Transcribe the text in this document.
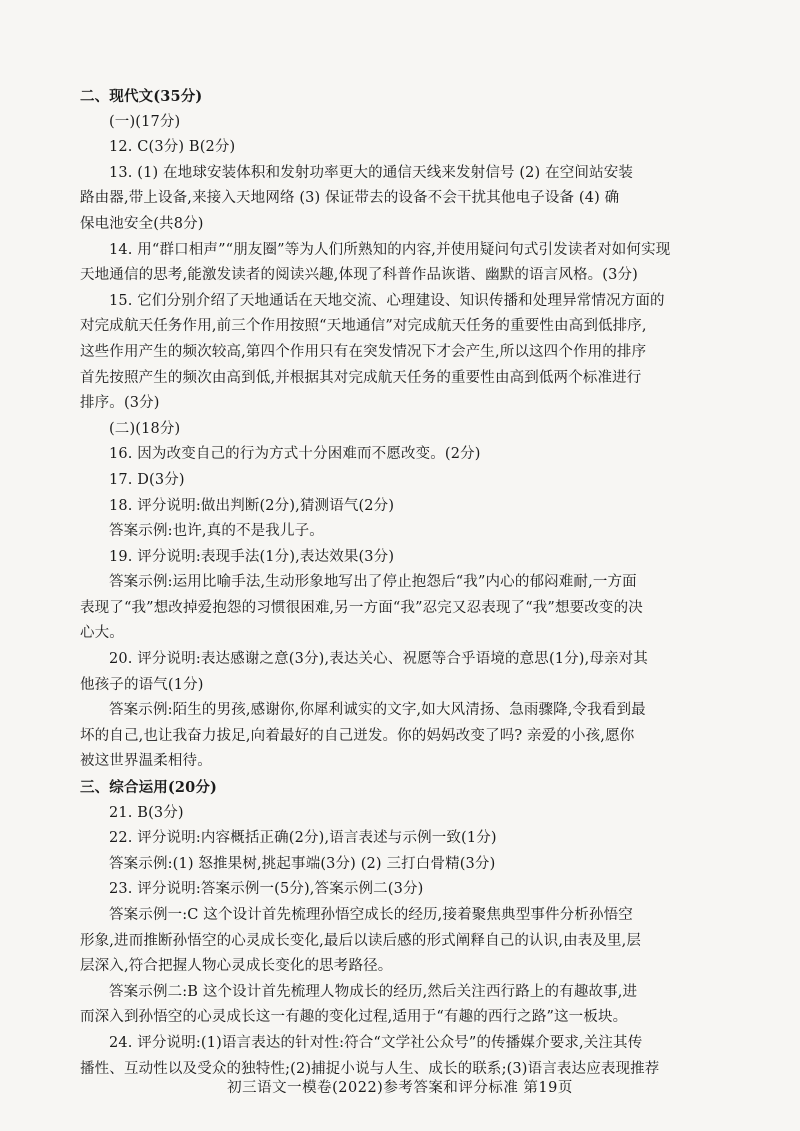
二、现代文(35分)
(一)(17分)
12. C(3分) B(2分)
13. (1) 在地球安装体积和发射功率更大的通信天线来发射信号 (2) 在空间站安装
路由器,带上设备,来接入天地网络 (3) 保证带去的设备不会干扰其他电子设备 (4) 确
保电池安全(共8分)
14. 用“群口相声”“朋友圈”等为人们所熟知的内容,并使用疑问句式引发读者对如何实现
天地通信的思考,能激发读者的阅读兴趣,体现了科普作品诙谐、幽默的语言风格。(3分)
15. 它们分别介绍了天地通话在天地交流、心理建设、知识传播和处理异常情况方面的
对完成航天任务作用,前三个作用按照“天地通信”对完成航天任务的重要性由高到低排序,
这些作用产生的频次较高,第四个作用只有在突发情况下才会产生,所以这四个作用的排序
首先按照产生的频次由高到低,并根据其对完成航天任务的重要性由高到低两个标准进行
排序。(3分)
(二)(18分)
16. 因为改变自己的行为方式十分困难而不愿改变。(2分)
17. D(3分)
18. 评分说明:做出判断(2分),猜测语气(2分)
答案示例:也许,真的不是我儿子。
19. 评分说明:表现手法(1分),表达效果(3分)
答案示例:运用比喻手法,生动形象地写出了停止抱怨后“我”内心的郁闷难耐,一方面
表现了“我”想改掉爱抱怨的习惯很困难,另一方面“我”忍完又忍表现了“我”想要改变的决
心大。
20. 评分说明:表达感谢之意(3分),表达关心、祝愿等合乎语境的意思(1分),母亲对其
他孩子的语气(1分)
答案示例:陌生的男孩,感谢你,你犀利诚实的文字,如大风清扬、急雨骤降,令我看到最
坏的自己,也让我奋力拔足,向着最好的自己迸发。你的妈妈改变了吗? 亲爱的小孩,愿你
被这世界温柔相待。
三、综合运用(20分)
21. B(3分)
22. 评分说明:内容概括正确(2分),语言表述与示例一致(1分)
答案示例:(1) 怒推果树,挑起事端(3分) (2) 三打白骨精(3分)
23. 评分说明:答案示例一(5分),答案示例二(3分)
答案示例一:C 这个设计首先梳理孙悟空成长的经历,接着聚焦典型事件分析孙悟空
形象,进而推断孙悟空的心灵成长变化,最后以读后感的形式阐释自己的认识,由表及里,层
层深入,符合把握人物心灵成长变化的思考路径。
答案示例二:B 这个设计首先梳理人物成长的经历,然后关注西行路上的有趣故事,进
而深入到孙悟空的心灵成长这一有趣的变化过程,适用于“有趣的西行之路”这一板块。
24. 评分说明:(1)语言表达的针对性:符合“文学社公众号”的传播媒介要求,关注其传
播性、互动性以及受众的独特性;(2)捕捉小说与人生、成长的联系;(3)语言表达应表现推荐
初三语文一模卷(2022)参考答案和评分标准 第19页
